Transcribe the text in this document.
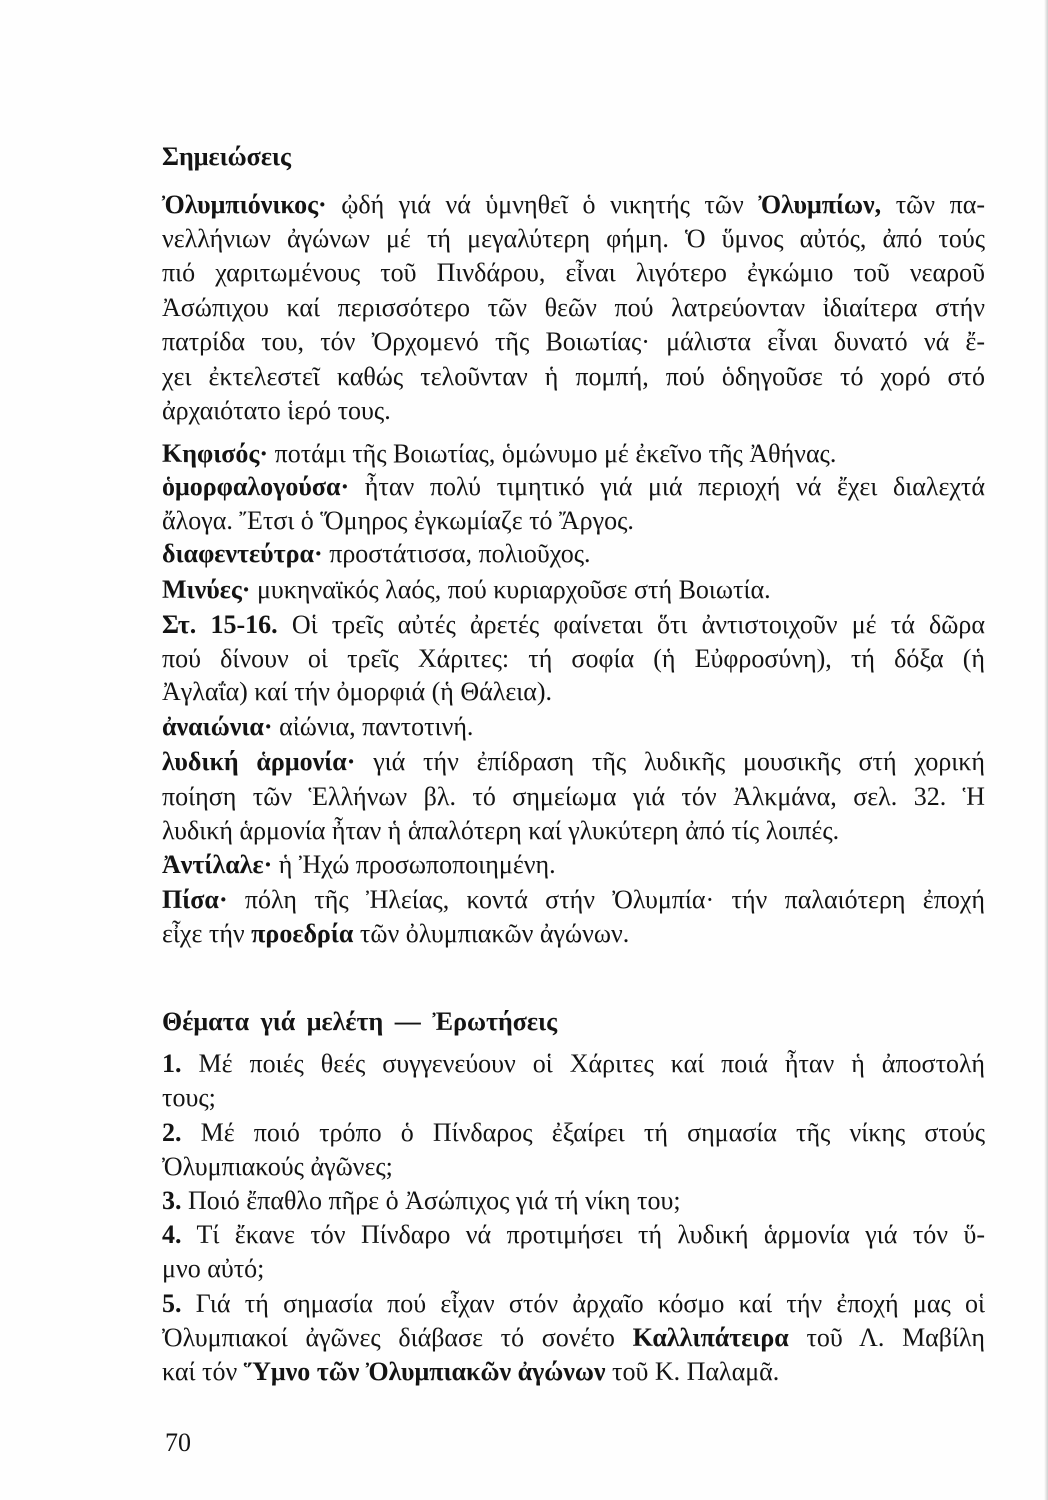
Σημειώσεις
Ὀλυμπιόνικος· ᾠδή γιά νά ὑμνηθεῖ ὁ νικητής τῶν Ὀλυμπίων, τῶν πα-
νελλήνιων ἀγώνων μέ τή μεγαλύτερη φήμη. Ὁ ὕμνος αὐτός, ἀπό τούς
πιό χαριτωμένους τοῦ Πινδάρου, εἶναι λιγότερο ἐγκώμιο τοῦ νεαροῦ
Ἀσώπιχου καί περισσότερο τῶν θεῶν πού λατρεύονταν ἰδιαίτερα στήν
πατρίδα του, τόν Ὀρχομενό τῆς Βοιωτίας· μάλιστα εἶναι δυνατό νά ἔ-
χει ἐκτελεστεῖ καθώς τελοῦνταν ἡ πομπή, πού ὁδηγοῦσε τό χορό στό
ἀρχαιότατο ἱερό τους.
Κηφισός· ποτάμι τῆς Βοιωτίας, ὁμώνυμο μέ ἐκεῖνο τῆς Ἀθήνας.
ὁμορφαλογούσα· ἦταν πολύ τιμητικό γιά μιά περιοχή νά ἔχει διαλεχτά
ἄλογα. Ἔτσι ὁ Ὅμηρος ἐγκωμίαζε τό Ἄργος.
διαφεντεύτρα· προστάτισσα, πολιοῦχος.
Μινύες· μυκηναϊκός λαός, πού κυριαρχοῦσε στή Βοιωτία.
Στ. 15-16. Οἱ τρεῖς αὐτές ἀρετές φαίνεται ὅτι ἀντιστοιχοῦν μέ τά δῶρα
πού δίνουν οἱ τρεῖς Χάριτες: τή σοφία (ἡ Εὐφροσύνη), τή δόξα (ἡ
Ἀγλαΐα) καί τήν ὀμορφιά (ἡ Θάλεια).
ἀναιώνια· αἰώνια, παντοτινή.
λυδική ἁρμονία· γιά τήν ἐπίδραση τῆς λυδικῆς μουσικῆς στή χορική
ποίηση τῶν Ἑλλήνων βλ. τό σημείωμα γιά τόν Ἀλκμάνα, σελ. 32. Ἡ
λυδική ἁρμονία ἦταν ἡ ἁπαλότερη καί γλυκύτερη ἀπό τίς λοιπές.
Ἀντίλαλε· ἡ Ἠχώ προσωποποιημένη.
Πίσα· πόλη τῆς Ἠλείας, κοντά στήν Ὀλυμπία· τήν παλαιότερη ἐποχή
εἶχε τήν προεδρία τῶν ὀλυμπιακῶν ἀγώνων.
Θέματα γιά μελέτη — Ἐρωτήσεις
1. Μέ ποιές θεές συγγενεύουν οἱ Χάριτες καί ποιά ἦταν ἡ ἀποστολή
τους;
2. Μέ ποιό τρόπο ὁ Πίνδαρος ἐξαίρει τή σημασία τῆς νίκης στούς
Ὀλυμπιακούς ἀγῶνες;
3. Ποιό ἔπαθλο πῆρε ὁ Ἀσώπιχος γιά τή νίκη του;
4. Τί ἔκανε τόν Πίνδαρο νά προτιμήσει τή λυδική ἁρμονία γιά τόν ὕ-
μνο αὐτό;
5. Γιά τή σημασία πού εἶχαν στόν ἀρχαῖο κόσμο καί τήν ἐποχή μας οἱ
Ὀλυμπιακοί ἀγῶνες διάβασε τό σονέτο Καλλιπάτειρα τοῦ Λ. Μαβίλη
καί τόν Ὕμνο τῶν Ὀλυμπιακῶν ἀγώνων τοῦ Κ. Παλαμᾶ.
70
